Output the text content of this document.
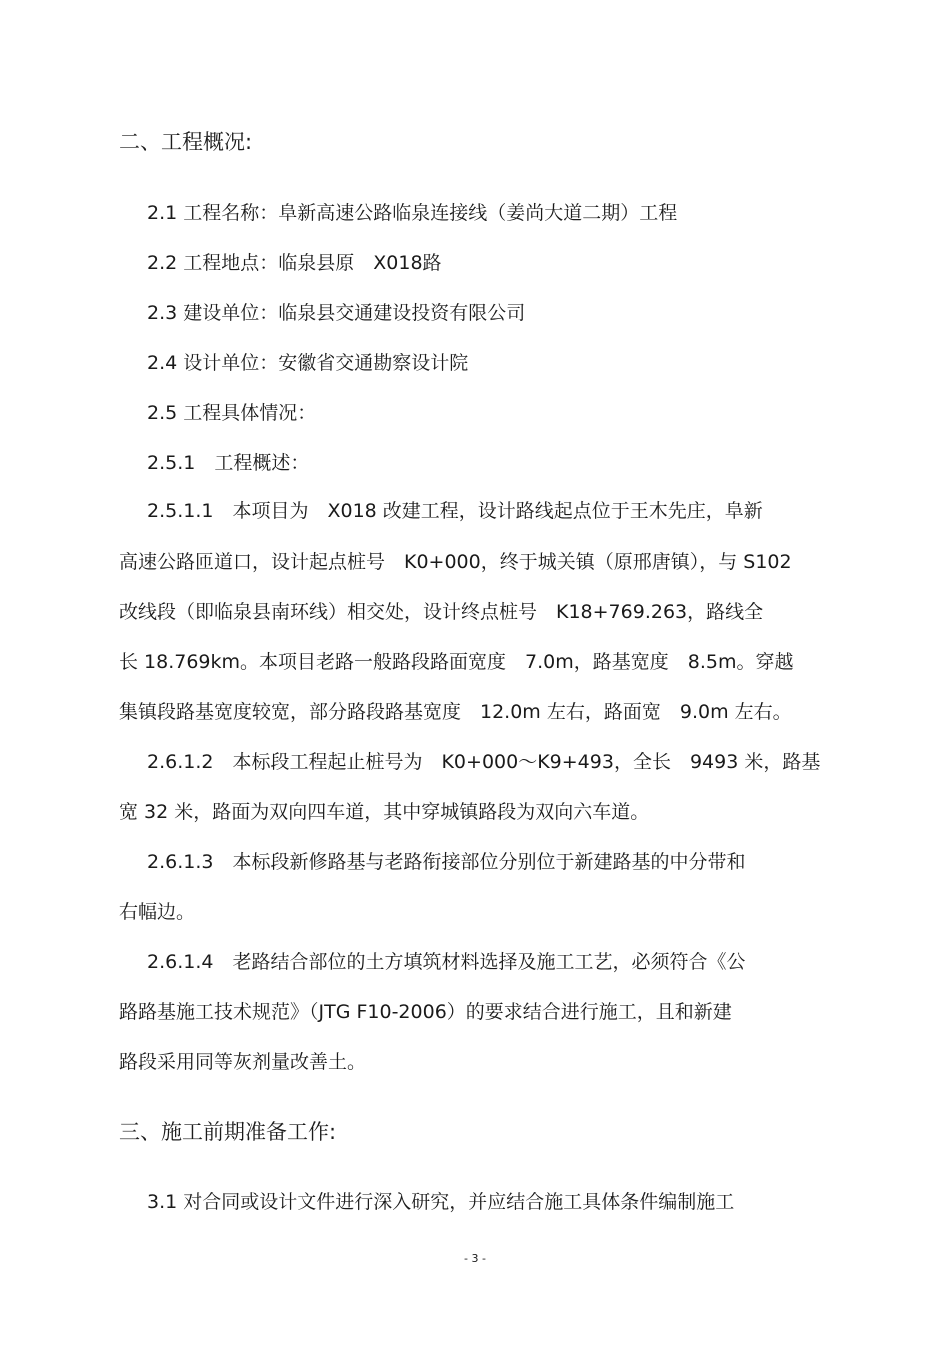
二、工程概况:
2.1 工程名称：阜新高速公路临泉连接线（姜尚大道二期）工程
2.2 工程地点：临泉县原　X018路
2.3 建设单位：临泉县交通建设投资有限公司
2.4 设计单位：安徽省交通勘察设计院
2.5 工程具体情况：
2.5.1　工程概述：
2.5.1.1　本项目为　X018 改建工程，设计路线起点位于王木先庄，阜新
高速公路匝道口，设计起点桩号　K0+000，终于城关镇（原邢唐镇），与 S102
改线段（即临泉县南环线）相交处，设计终点桩号　K18+769.263，路线全
长 18.769km。本项目老路一般路段路面宽度　7.0m，路基宽度　8.5m。穿越
集镇段路基宽度较宽，部分路段路基宽度　12.0m 左右，路面宽　9.0m 左右。
2.6.1.2　本标段工程起止桩号为　K0+000～K9+493，全长　9493 米，路基
宽 32 米，路面为双向四车道，其中穿城镇路段为双向六车道。
2.6.1.3　本标段新修路基与老路衔接部位分别位于新建路基的中分带和
右幅边。
2.6.1.4　老路结合部位的土方填筑材料选择及施工工艺，必须符合《公
路路基施工技术规范》（JTG F10-2006）的要求结合进行施工，且和新建
路段采用同等灰剂量改善土。
三、施工前期准备工作:
3.1 对合同或设计文件进行深入研究，并应结合施工具体条件编制施工
- 3 -
